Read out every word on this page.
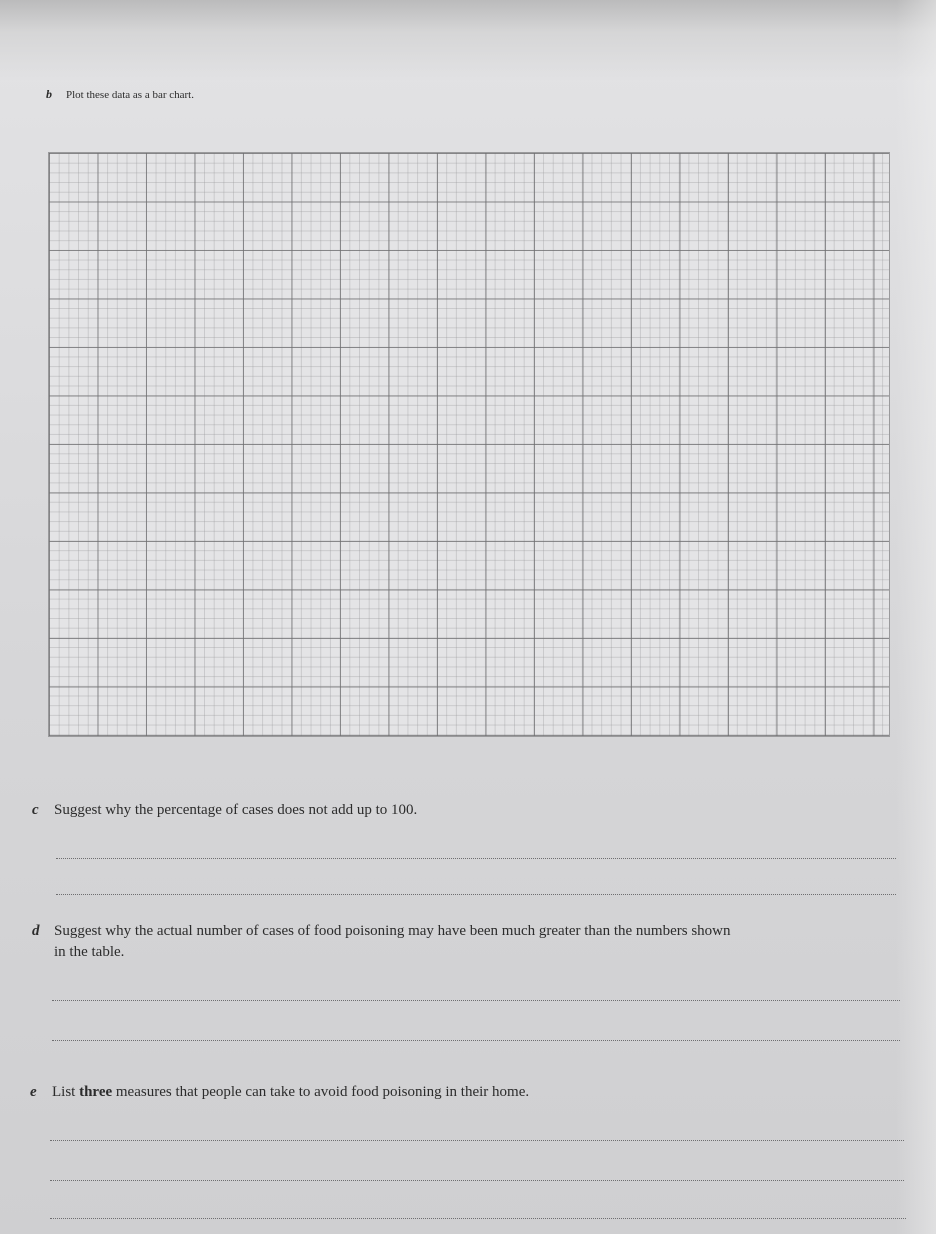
b Plot these data as a bar chart.
c Suggest why the percentage of cases does not add up to 100.
d Suggest why the actual number of cases of food poisoning may have been much greater than the numbers shown
in the table.
e List three measures that people can take to avoid food poisoning in their home.
